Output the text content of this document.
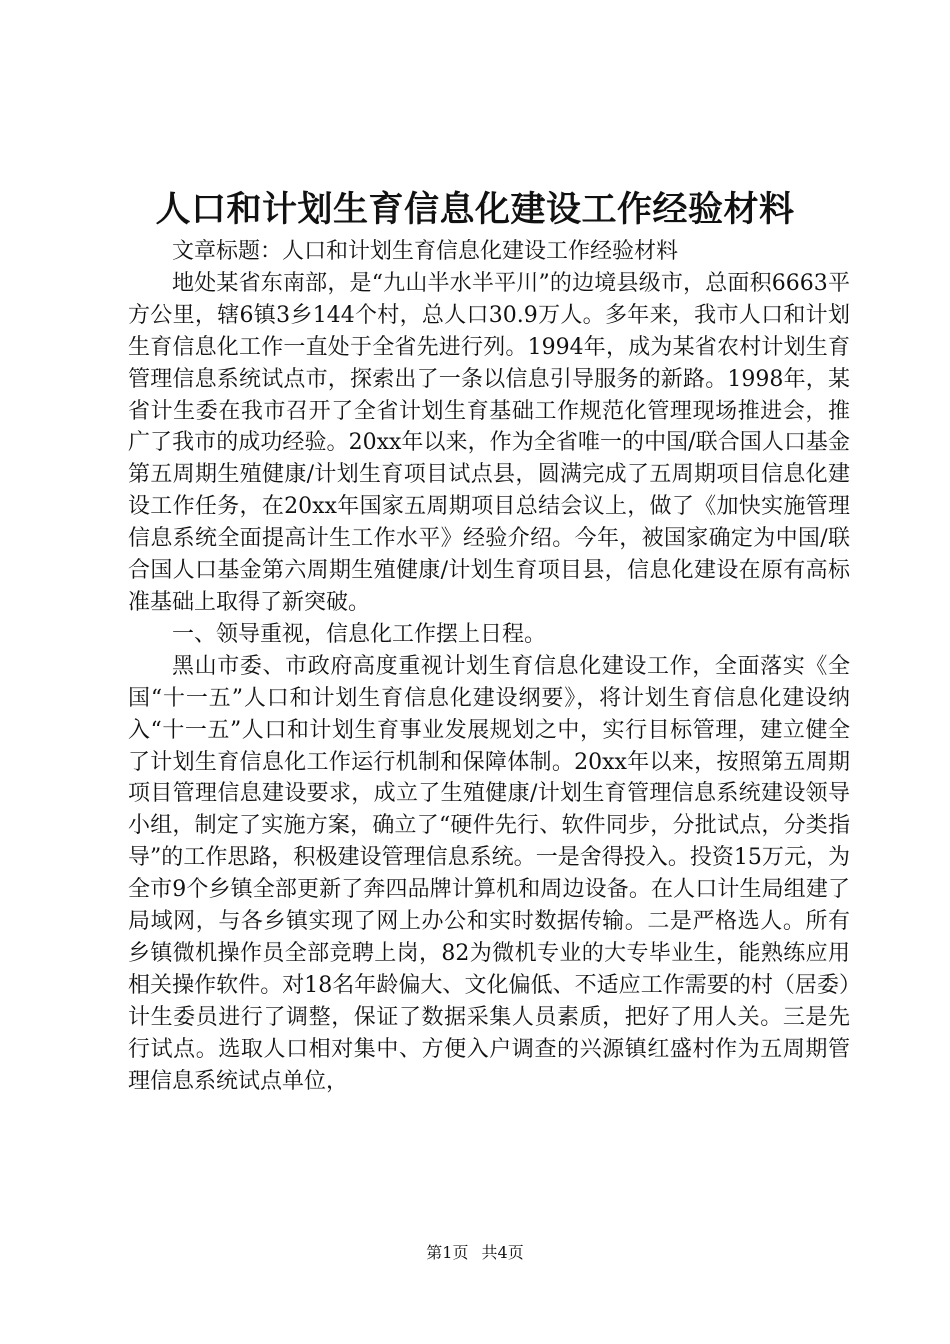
人口和计划生育信息化建设工作经验材料

文章标题：人口和计划生育信息化建设工作经验材料

地处某省东南部，是“九山半水半平川”的边境县级市，总面积6663平方公里，辖6镇3乡144个村，总人口30.9万人。多年来，我市人口和计划生育信息化工作一直处于全省先进行列。1994年，成为某省农村计划生育管理信息系统试点市，探索出了一条以信息引导服务的新路。1998年，某省计生委在我市召开了全省计划生育基础工作规范化管理现场推进会，推广了我市的成功经验。20xx年以来，作为全省唯一的中国/联合国人口基金第五周期生殖健康/计划生育项目试点县，圆满完成了五周期项目信息化建设工作任务，在20xx年国家五周期项目总结会议上，做了《加快实施管理信息系统全面提高计生工作水平》经验介绍。今年，被国家确定为中国/联合国人口基金第六周期生殖健康/计划生育项目县，信息化建设在原有高标准基础上取得了新突破。

一、领导重视，信息化工作摆上日程。

黑山市委、市政府高度重视计划生育信息化建设工作，全面落实《全国“十一五”人口和计划生育信息化建设纲要》，将计划生育信息化建设纳入“十一五”人口和计划生育事业发展规划之中，实行目标管理，建立健全了计划生育信息化工作运行机制和保障体制。20xx年以来，按照第五周期项目管理信息建设要求，成立了生殖健康/计划生育管理信息系统建设领导小组，制定了实施方案，确立了“硬件先行、软件同步，分批试点，分类指导”的工作思路，积极建设管理信息系统。一是舍得投入。投资15万元，为全市9个乡镇全部更新了奔四品牌计算机和周边设备。在人口计生局组建了局域网，与各乡镇实现了网上办公和实时数据传输。二是严格选人。所有乡镇微机操作员全部竞聘上岗，82为微机专业的大专毕业生，能熟练应用相关操作软件。对18名年龄偏大、文化偏低、不适应工作需要的村（居委）计生委员进行了调整，保证了数据采集人员素质，把好了用人关。三是先行试点。选取人口相对集中、方便入户调查的兴源镇红盛村作为五周期管理信息系统试点单位，

第1页 共4页
